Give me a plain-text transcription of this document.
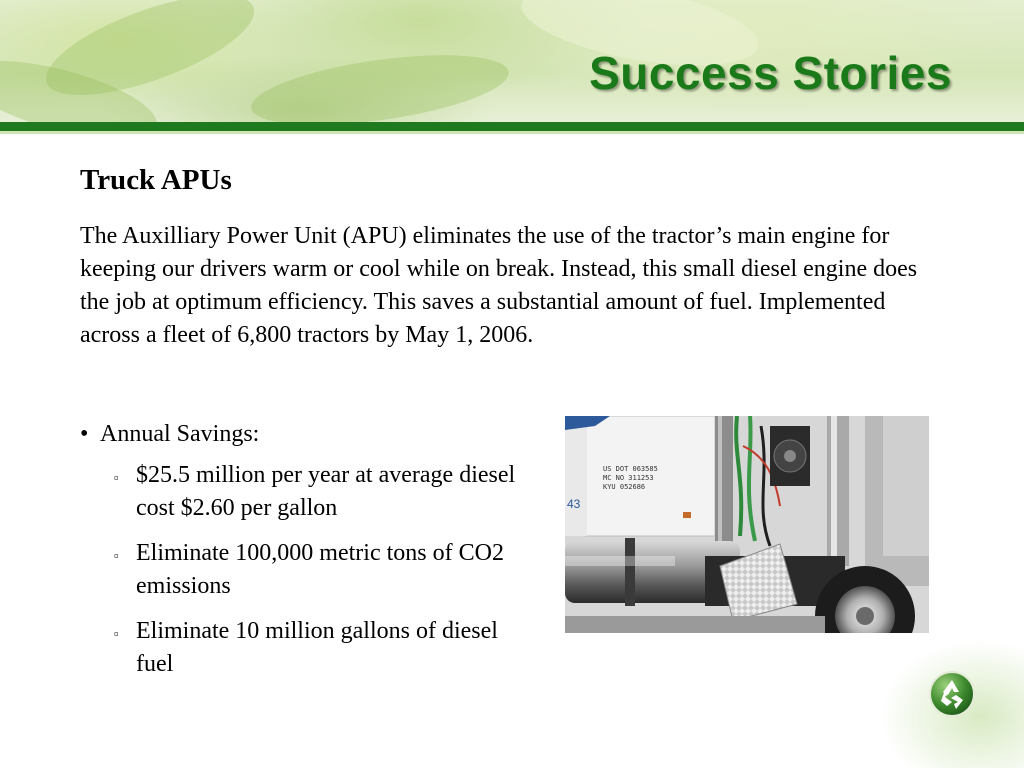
Success Stories
Truck APUs

The Auxilliary Power Unit (APU) eliminates the use of the tractor’s main engine for keeping our drivers warm or cool while on break. Instead, this small diesel engine does the job at optimum efficiency. This saves a substantial amount of fuel. Implemented across a fleet of 6,800 tractors by May 1, 2006.

• Annual Savings:
▫ $25.5 million per year at average diesel cost $2.60 per gallon
▫ Eliminate 100,000 metric tons of CO2 emissions
▫ Eliminate 10 million gallons of diesel fuel
US DOT 063585
MC NO 311253
KYU 052686
43
